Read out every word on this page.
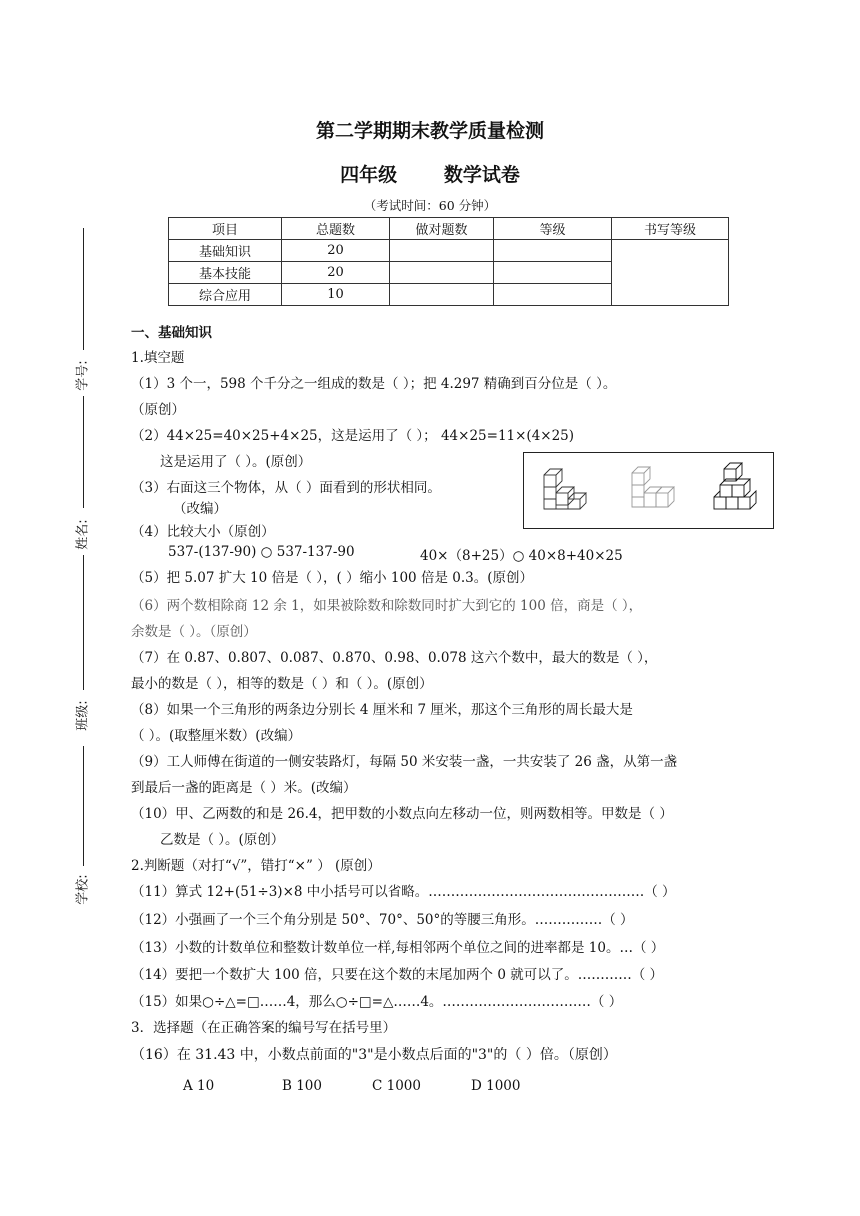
第二学期期末教学质量检测
四年级 数学试卷
（考试时间：60 分钟）
项目	总题数	做对题数	等级	书写等级
基础知识	20			
基本技能	20			
综合应用	10			
学号:
姓名:
班级:
学校:
一、基础知识
1.填空题
（1）3 个一，598 个千分之一组成的数是（ ）；把 4.297 精确到百分位是（ ）。
（原创）
（2）44×25=40×25+4×25，这是运用了（ ）； 44×25=11×(4×25)
这是运用了（ ）。(原创）
（3）右面这三个物体，从（ ）面看到的形状相同。
（改编）
（4）比较大小（原创）
537-(137-90) ○ 537-137-90	40×（8+25）○ 40×8+40×25
（5）把 5.07 扩大 10 倍是（ ），( ）缩小 100 倍是 0.3。(原创）
（6）两个数相除商 12 余 1，如果被除数和除数同时扩大到它的 100 倍，商是（ ），
余数是（ ）。（原创）
（7）在 0.87、0.807、0.087、0.870、0.98、0.078 这六个数中，最大的数是（ ），
最小的数是（ ），相等的数是（ ）和（ ）。(原创）
（8）如果一个三角形的两条边分别长 4 厘米和 7 厘米，那这个三角形的周长最大是
（ ）。(取整厘米数）(改编）
（9）工人师傅在街道的一侧安装路灯，每隔 50 米安装一盏，一共安装了 26 盏，从第一盏
到最后一盏的距离是（ ）米。(改编）
（10）甲、乙两数的和是 26.4，把甲数的小数点向左移动一位，则两数相等。甲数是（ ）
乙数是（ ）。(原创）
2.判断题（对打“√”，错打“×” ） (原创）
（11）算式 12+(51÷3)×8 中小括号可以省略。…………………………………………（ ）
（12）小强画了一个三个角分别是 50°、70°、50°的等腰三角形。……………（ ）
（13）小数的计数单位和整数计数单位一样,每相邻两个单位之间的进率都是 10。…（ ）
（14）要把一个数扩大 100 倍，只要在这个数的末尾加两个 0 就可以了。…………（ ）
（15）如果○÷△=□……4，那么○÷□=△……4。……………………………（ ）
3．选择题（在正确答案的编号写在括号里）
（16）在 31.43 中，小数点前面的"3"是小数点后面的"3"的（ ）倍。（原创）
A 10	B 100	C 1000	D 1000
